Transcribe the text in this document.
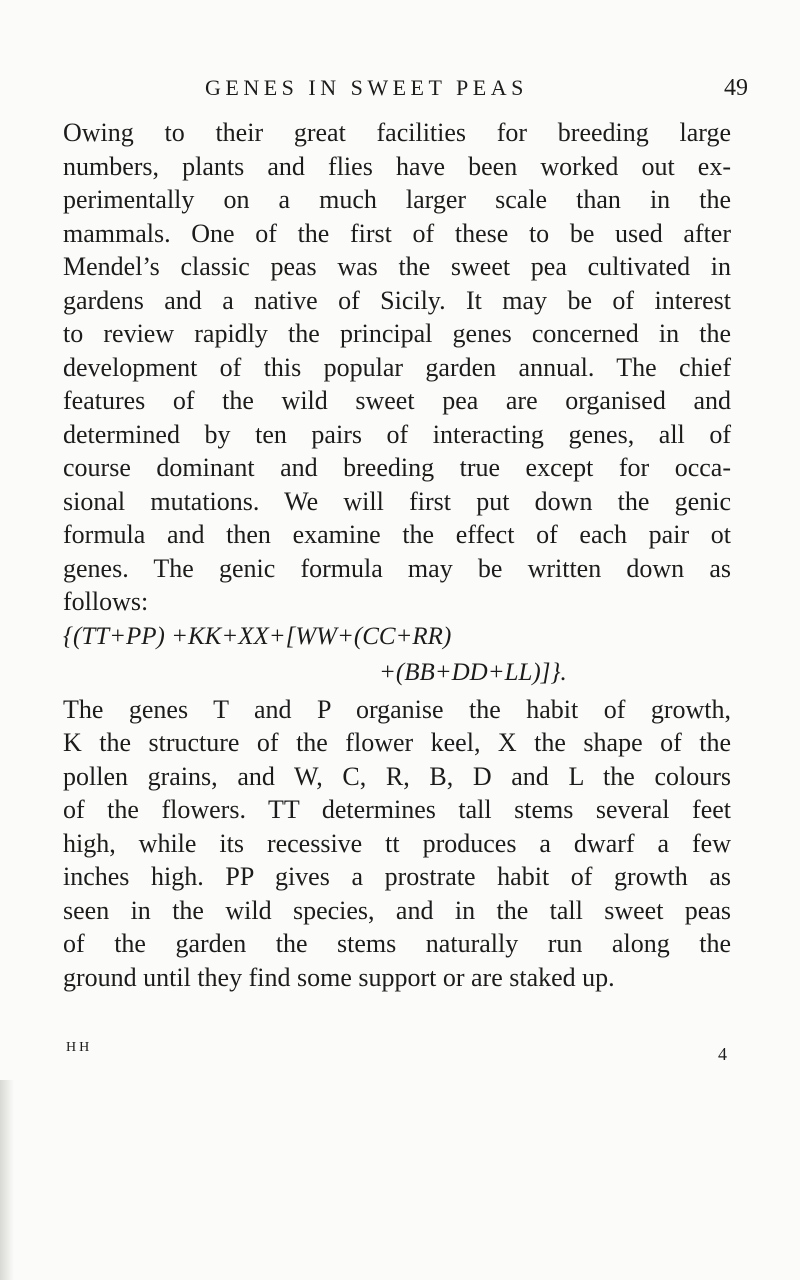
GENES IN SWEET PEAS	49
Owing to their great facilities for breeding large
numbers, plants and flies have been worked out ex-
perimentally on a much larger scale than in the
mammals. One of the first of these to be used after
Mendel’s classic peas was the sweet pea cultivated in
gardens and a native of Sicily. It may be of interest
to review rapidly the principal genes concerned in the
development of this popular garden annual. The chief
features of the wild sweet pea are organised and
determined by ten pairs of interacting genes, all of
course dominant and breeding true except for occa-
sional mutations. We will first put down the genic
formula and then examine the effect of each pair ot
genes. The genic formula may be written down as
follows:
{(TT+PP) +KK+XX+[WW+(CC+RR)
+(BB+DD+LL)]}.
The genes T and P organise the habit of growth,
K the structure of the flower keel, X the shape of the
pollen grains, and W, C, R, B, D and L the colours
of the flowers. TT determines tall stems several feet
high, while its recessive tt produces a dwarf a few
inches high. PP gives a prostrate habit of growth as
seen in the wild species, and in the tall sweet peas
of the garden the stems naturally run along the
ground until they find some support or are staked up.
HH	4
